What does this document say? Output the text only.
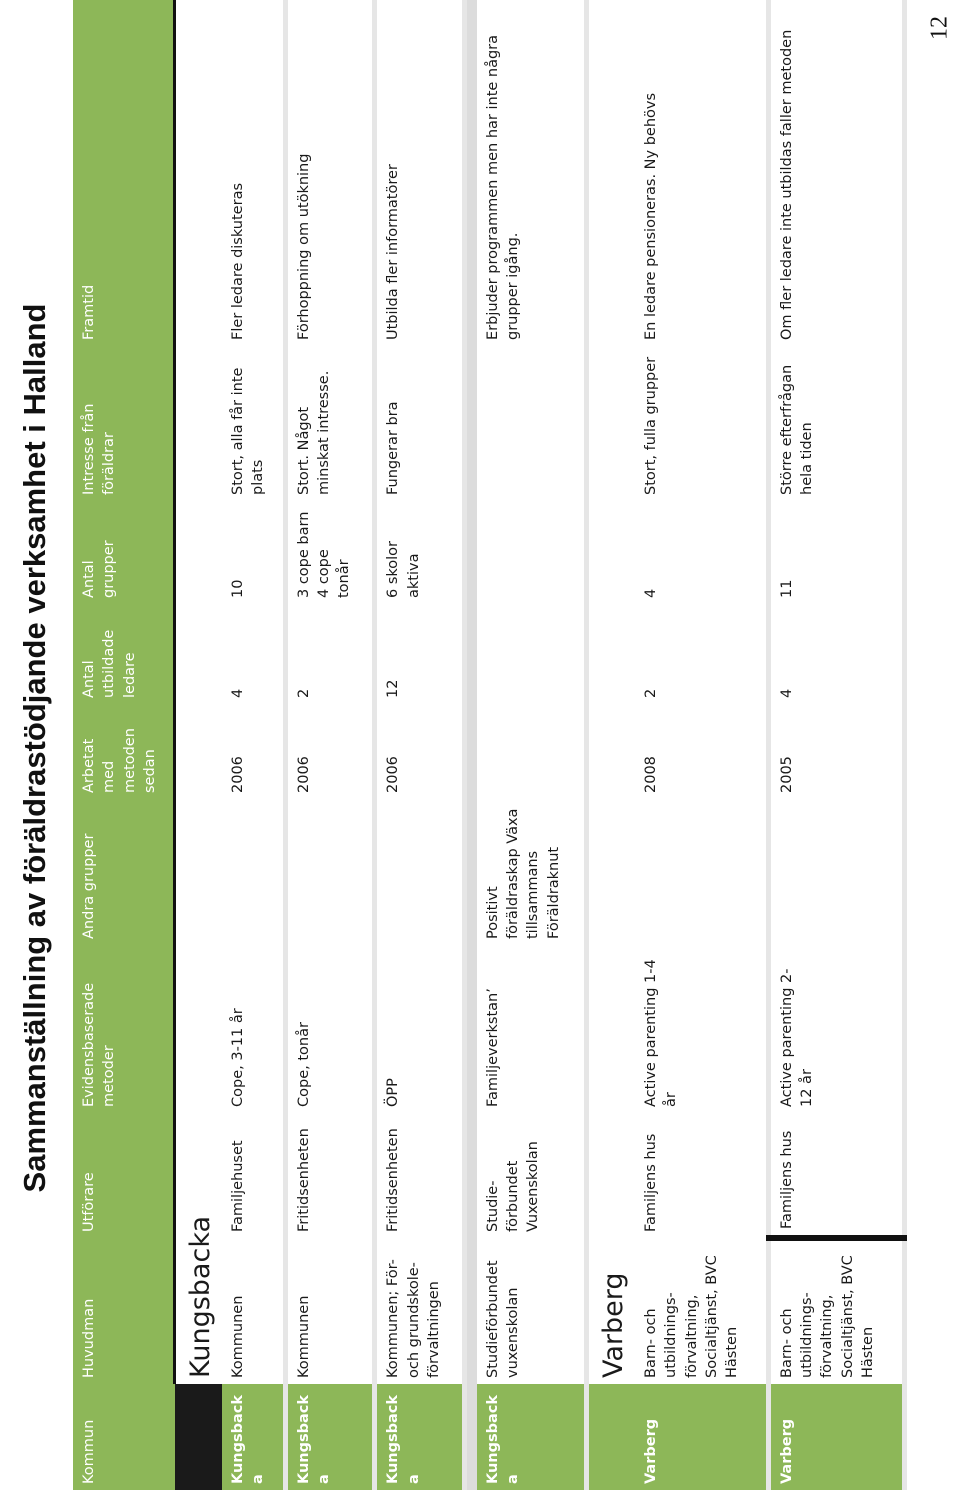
Sammanställning av föräldrastödjande verksamhet i Halland
12
Kommun	Huvudman	Utförare	Evidensbaserade metoder	Andra grupper	Arbetat med metoden sedan	Antal utbildade ledare	Antal grupper	Intresse från föräldrar	Framtid
	Kungsbacka								
Kungsbacka	Kommunen	Familjehuset	Cope, 3-11 år		2006	4	10	Stort, alla får inte plats	Fler ledare diskuteras
Kungsbacka	Kommunen	Fritidsenheten	Cope, tonår		2006	2	3 cope barn 4 cope tonår	Stort. Något minskat intresse.	Förhoppning om utökning
Kungsbacka	Kommunen; För- och grundskole-förvaltningen	Fritidsenheten	ÖPP		2006	12	6 skolor aktiva	Fungerar bra	Utbilda fler informatörer

Kungsbacka	Studieförbundet vuxenskolan	Studie-förbundet Vuxenskolan	Familjeverkstan’	Positivt föräldraskap Växa tillsammans Föräldraknut					Erbjuder programmen men har inte några grupper igång.
	Varberg								
Varberg	Barn- och utbildnings-förvaltning, Socialtjänst, BVC Hästen	Familjens hus	Active parenting 1-4 år		2008	2	4	Stort, fulla grupper	En ledare pensioneras. Ny behövs
Varberg	Barn- och utbildnings-förvaltning, Socialtjänst, BVC Hästen	Familjens hus	Active parenting 2-12 år		2005	4	11	Större efterfrågan hela tiden	Om fler ledare inte utbildas faller metoden
